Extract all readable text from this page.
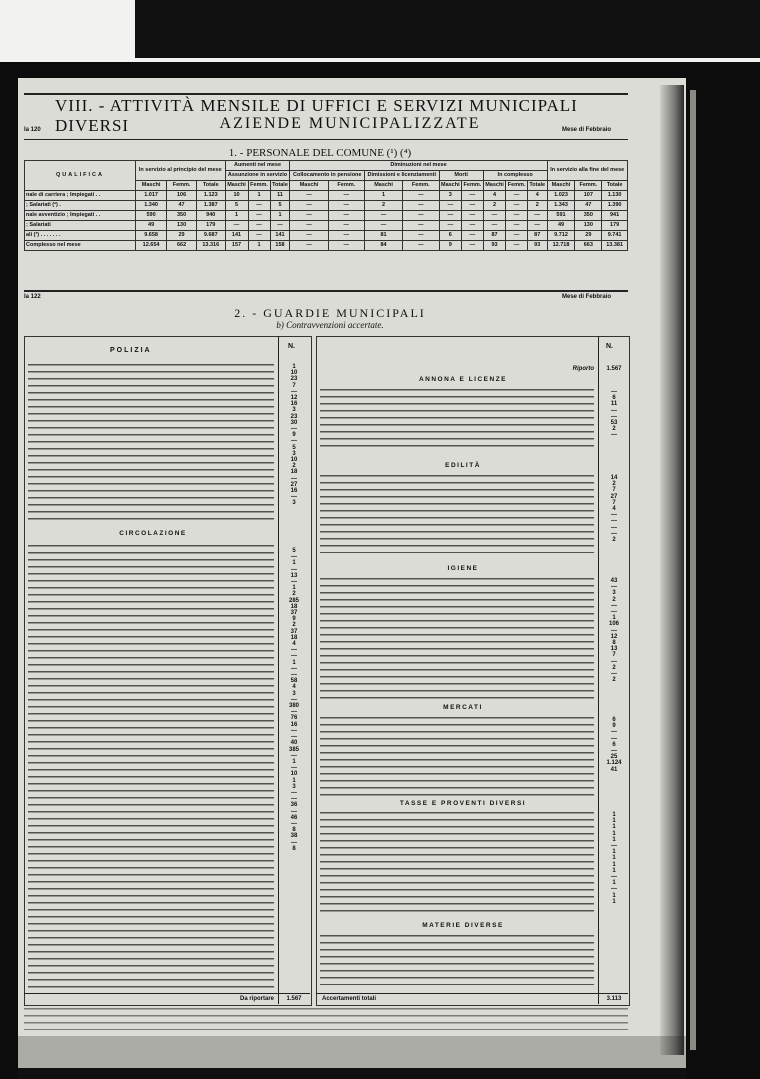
VIII. - ATTIVITÀ MENSILE DI UFFICI E SERVIZI MUNICIPALI DIVERSI	AZIENDE MUNICIPALIZZATE
la 120	Mese di Febbraio
1. - PERSONALE DEL COMUNE (¹) (⁴)
QUALIFICA	In servizio al principio del mese			Aumenti nel mese			Diminuzioni nel mese									In servizio alla fine del mese		
				Assunzione in servizio			Collocamento in pensione		Dimissioni e licenziamenti		Morti		In complesso					
	Maschi	Femm.	Totale	Maschi	Femm.	Totale	Maschi	Femm.	Maschi	Femm.	Maschi	Femm.	Maschi	Femm.	Totale	Maschi	Femm.	Totale
nale di carriera ; Impiegati . .	1.017	106	1.123	10	1	11	—	—	1	—	3	—	4	—	4	1.023	107	1.130
; Salariati (²) .	1.340	47	1.387	5	—	5	—	—	2	—	—	—	2	—	2	1.343	47	1.390
nale avventizio ; Impiegati . .	590	350	940	1	—	1	—	—	—	—	—	—	—	—	—	591	350	941
; Salariati	49	130	179	—	—	—	—	—	—	—	—	—	—	—	—	49	130	179
ali (³) . . . . . . .	9.658	29	9.687	141	—	141	—	—	81	—	6	—	87	—	87	9.712	29	9.741
Complesso nel mese	12.654	662	13.316	157	1	158	—	—	84	—	9	—	93	—	93	12.718	663	13.381
la 122	Mese di Febbraio
2. - GUARDIE MUNICIPALI
b) Contravvenzioni accertate.
POLIZIA
N.
1
10
23
7
—
12
16
3
23
30
—
9
—
5
3
10
2
18
—
27
16
—
3
CIRCOLAZIONE
5
—
1
—
13
—
1
2
285
18
37
9
2
37
18
4
—
—
1
—
—
58
4
3
—
380
—
76
16
—
—
40
385
—
1
—
10
1
3
—
—
36
—
46
—
8
38
—
8
Da riportare	1.567
N.
Riporto	1.567
ANNONA E LICENZE
—
6
11
—
—
53
2
—
EDILITÀ
14
2
7
27
7
4
—
—
—
—
2
IGIENE
43
—
3
2
—
—
1
106
—
12
8
13
7
—
2
—
2
MERCATI
6
9
—
—
6
—
25
1.124
41
TASSE E PROVENTI DIVERSI
1
1
1
1
1
—
1
1
1
1
—
1
—
1
1
MATERIE DIVERSE
Accertamenti totali	3.113
